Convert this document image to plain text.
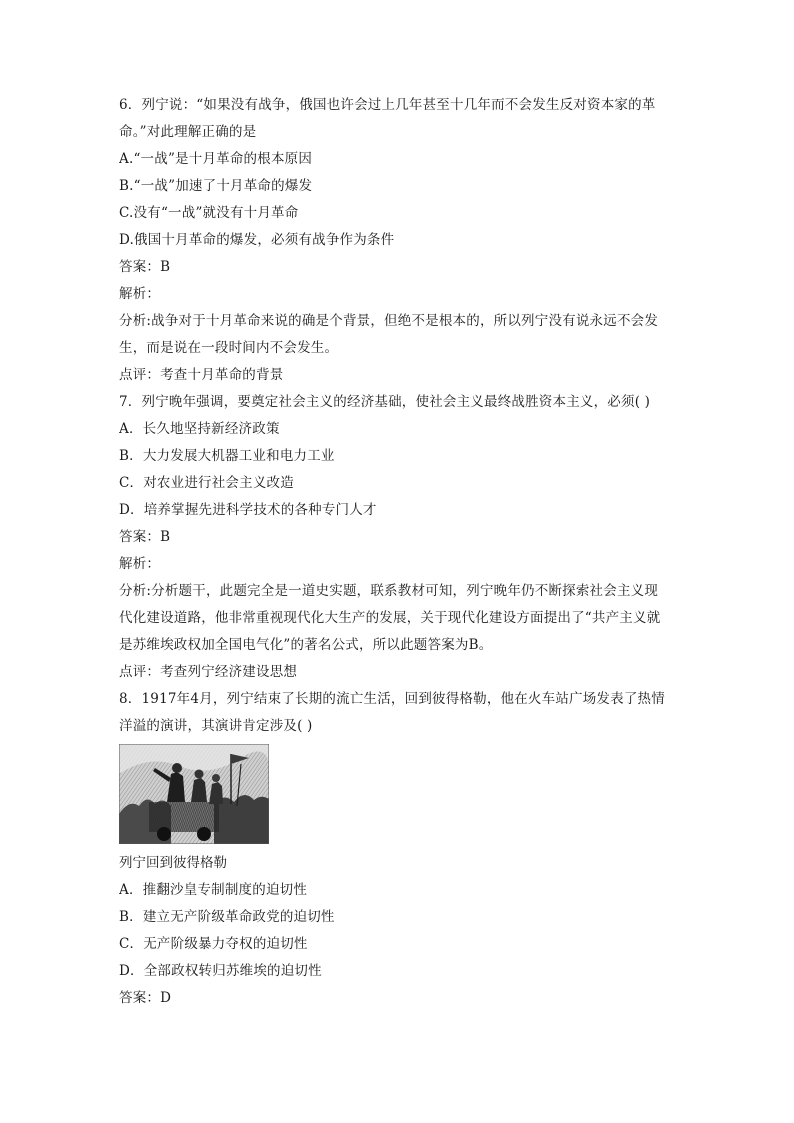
6．列宁说：“如果没有战争，俄国也许会过上几年甚至十几年而不会发生反对资本家的革
命。”对此理解正确的是
A.“一战”是十月革命的根本原因
B.“一战”加速了十月革命的爆发
C.没有“一战”就没有十月革命
D.俄国十月革命的爆发，必须有战争作为条件
答案：B
解析：
分析:战争对于十月革命来说的确是个背景，但绝不是根本的，所以列宁没有说永远不会发
生，而是说在一段时间内不会发生。
点评：考查十月革命的背景
7．列宁晚年强调，要奠定社会主义的经济基础，使社会主义最终战胜资本主义，必须( )
A．长久地坚持新经济政策
B．大力发展大机器工业和电力工业
C．对农业进行社会主义改造
D．培养掌握先进科学技术的各种专门人才
答案：B
解析：
分析:分析题干，此题完全是一道史实题，联系教材可知，列宁晚年仍不断探索社会主义现
代化建设道路，他非常重视现代化大生产的发展，关于现代化建设方面提出了“共产主义就
是苏维埃政权加全国电气化”的著名公式，所以此题答案为B。
点评：考查列宁经济建设思想
8．1917年4月，列宁结束了长期的流亡生活，回到彼得格勒，他在火车站广场发表了热情
洋溢的演讲，其演讲肯定涉及( )
列宁回到彼得格勒
A．推翻沙皇专制制度的迫切性
B．建立无产阶级革命政党的迫切性
C．无产阶级暴力夺权的迫切性
D．全部政权转归苏维埃的迫切性
答案：D
